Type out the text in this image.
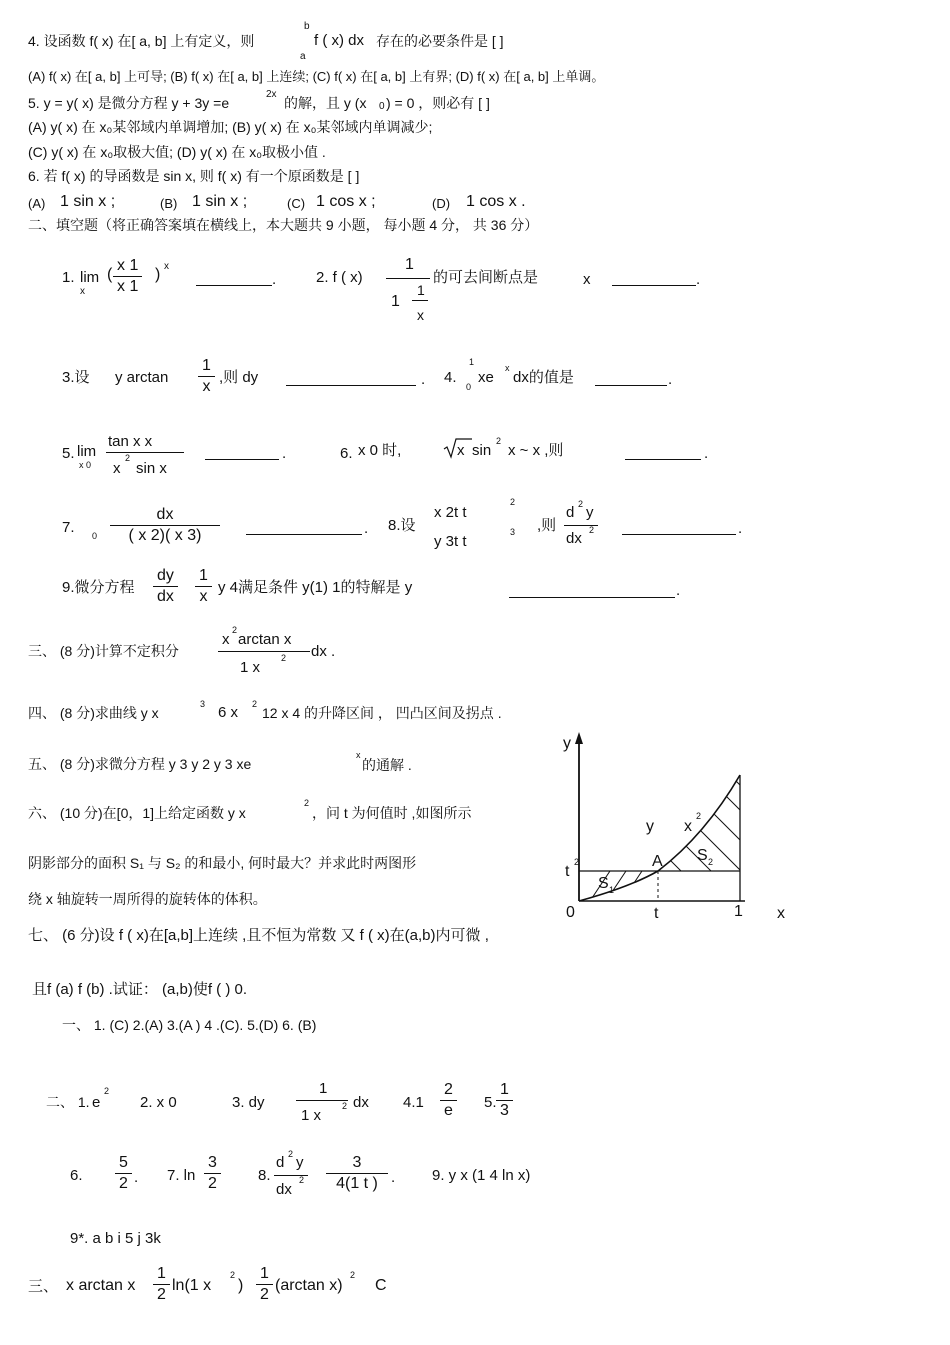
4. 设函数 f( x) 在[ a, b] 上有定义，则
b
a
f ( x) dx 存在的必要条件是 [ ]
(A) f( x) 在[ a, b] 上可导; (B) f( x) 在[ a, b] 上连续; (C) f( x) 在[ a, b] 上有界; (D) f( x) 在[ a, b] 上单调。
5. y = y( x) 是微分方程 y + 3y =e
2x
的解，且 y (x 0 ) = 0 ，则必有 [ ]
(A) y( x) 在 x₀某邻域内单调增加; (B) y( x) 在 x₀某邻域内单调减少;
(C) y( x) 在 x₀取极大值; (D) y( x) 在 x₀取极小值 .
6. 若 f( x) 的导函数是 sin x, 则 f( x) 有一个原函数是 [ ]
(A) 1 sin x ;	(B) 1 sin x ;	(C) 1 cos x ;	(D) 1 cos x .
二、填空题（将正确答案填在横线上，本大题共 9 小题， 每小题 4 分， 共 36 分）
1. lim
x
(
x 1
x 1
) x
.	2. f ( x)
1
1
1
x
的可去间断点是	x	.
3.设 y arctan
1
x
,则 dy	. 4.
1
0
xe
x
dx的值是	.
5. lim
x 0
tan x x
x
2
sin x
.	6. x 0 时,	x sin
2
x ~ x ,则	.
7. 0
dx
( x 2)( x 3)	. 8.设
x 2t t
2
y 3t t
3 ,则
d 2 y
dx 2	.
9.微分方程
dy
dx
1
x
y 4满足条件 y(1) 1的特解是 y	.
三、 (8 分)计算不定积分
x
2
arctan x
1 x
2 dx .
四、 (8 分)求曲线 y x
3 6 x 2
12 x 4 的升降区间 ， 凹凸区间及拐点 .
五、 (8 分)求微分方程 y 3 y 2 y 3 xe
x
的通解 .
六、 (10 分)在[0，1]上给定函数 y x
2
，问 t 为何值时 ,如图所示
阴影部分的面积 S₁ 与 S₂ 的和最小, 何时最大？并求此时两图形
绕 x 轴旋转一周所得的旋转体的体积。
七、 (6 分)设 f ( x)在[a,b]上连续 ,且不恒为常数 又 f ( x)在(a,b)内可微 ,
且f (a) f (b) .试证： (a,b)使f ( ) 0.
y
x
0	t	1
t
2	A
S 1
S 2
y x
2
一、 1. (C) 2.(A) 3.(A ) 4 .(C). 5.(D) 6. (B)
二、 1. e
2
2. x 0	3. dy
1
1 x
2 dx 4.1
2
e 5.
1
3
6.
5
2 . 7. ln
3
2	8.
d 2 y
dx
2
3
4(1 t ) . 9. y x (1 4 ln x)
9*. a b i 5 j 3k
三、 x arctan x
1
2
ln(1 x
2
)
1
2
(arctan x)
2
C
